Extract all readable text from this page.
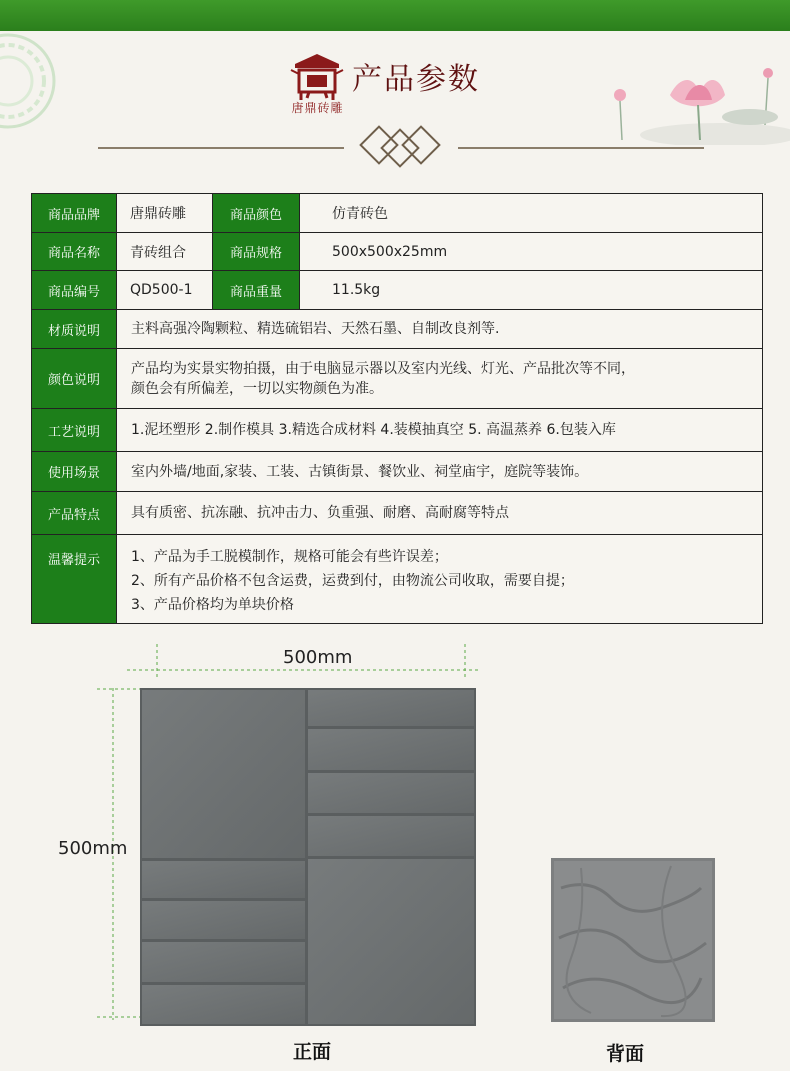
唐鼎砖雕
产品参数
商品品牌	唐鼎砖雕	商品颜色	仿青砖色
商品名称	青砖组合	商品规格	500x500x25mm
商品编号	QD500-1	商品重量	11.5kg
材质说明	主料高强冷陶颗粒、精选硫铝岩、天然石墨、自制改良剂等.		
颜色说明	产品均为实景实物拍摄，由于电脑显示器以及室内光线、灯光、产品批次等不同，
颜色会有所偏差，一切以实物颜色为准。		

工艺说明	1.泥坯塑形 2.制作模具 3.精选合成材料 4.装模抽真空 5. 高温蒸养 6.包装入库		
使用场景	室内外墙/地面,家装、工装、古镇街景、餐饮业、祠堂庙宇，庭院等装饰。		
产品特点	具有质密、抗冻融、抗冲击力、负重强、耐磨、高耐腐等特点		
温馨提示	1、产品为手工脱模制作，规格可能会有些许误差；
2、所有产品价格不包含运费，运费到付，由物流公司收取，需要自提；
3、产品价格均为单块价格		
500mm
500mm
正面	背面
